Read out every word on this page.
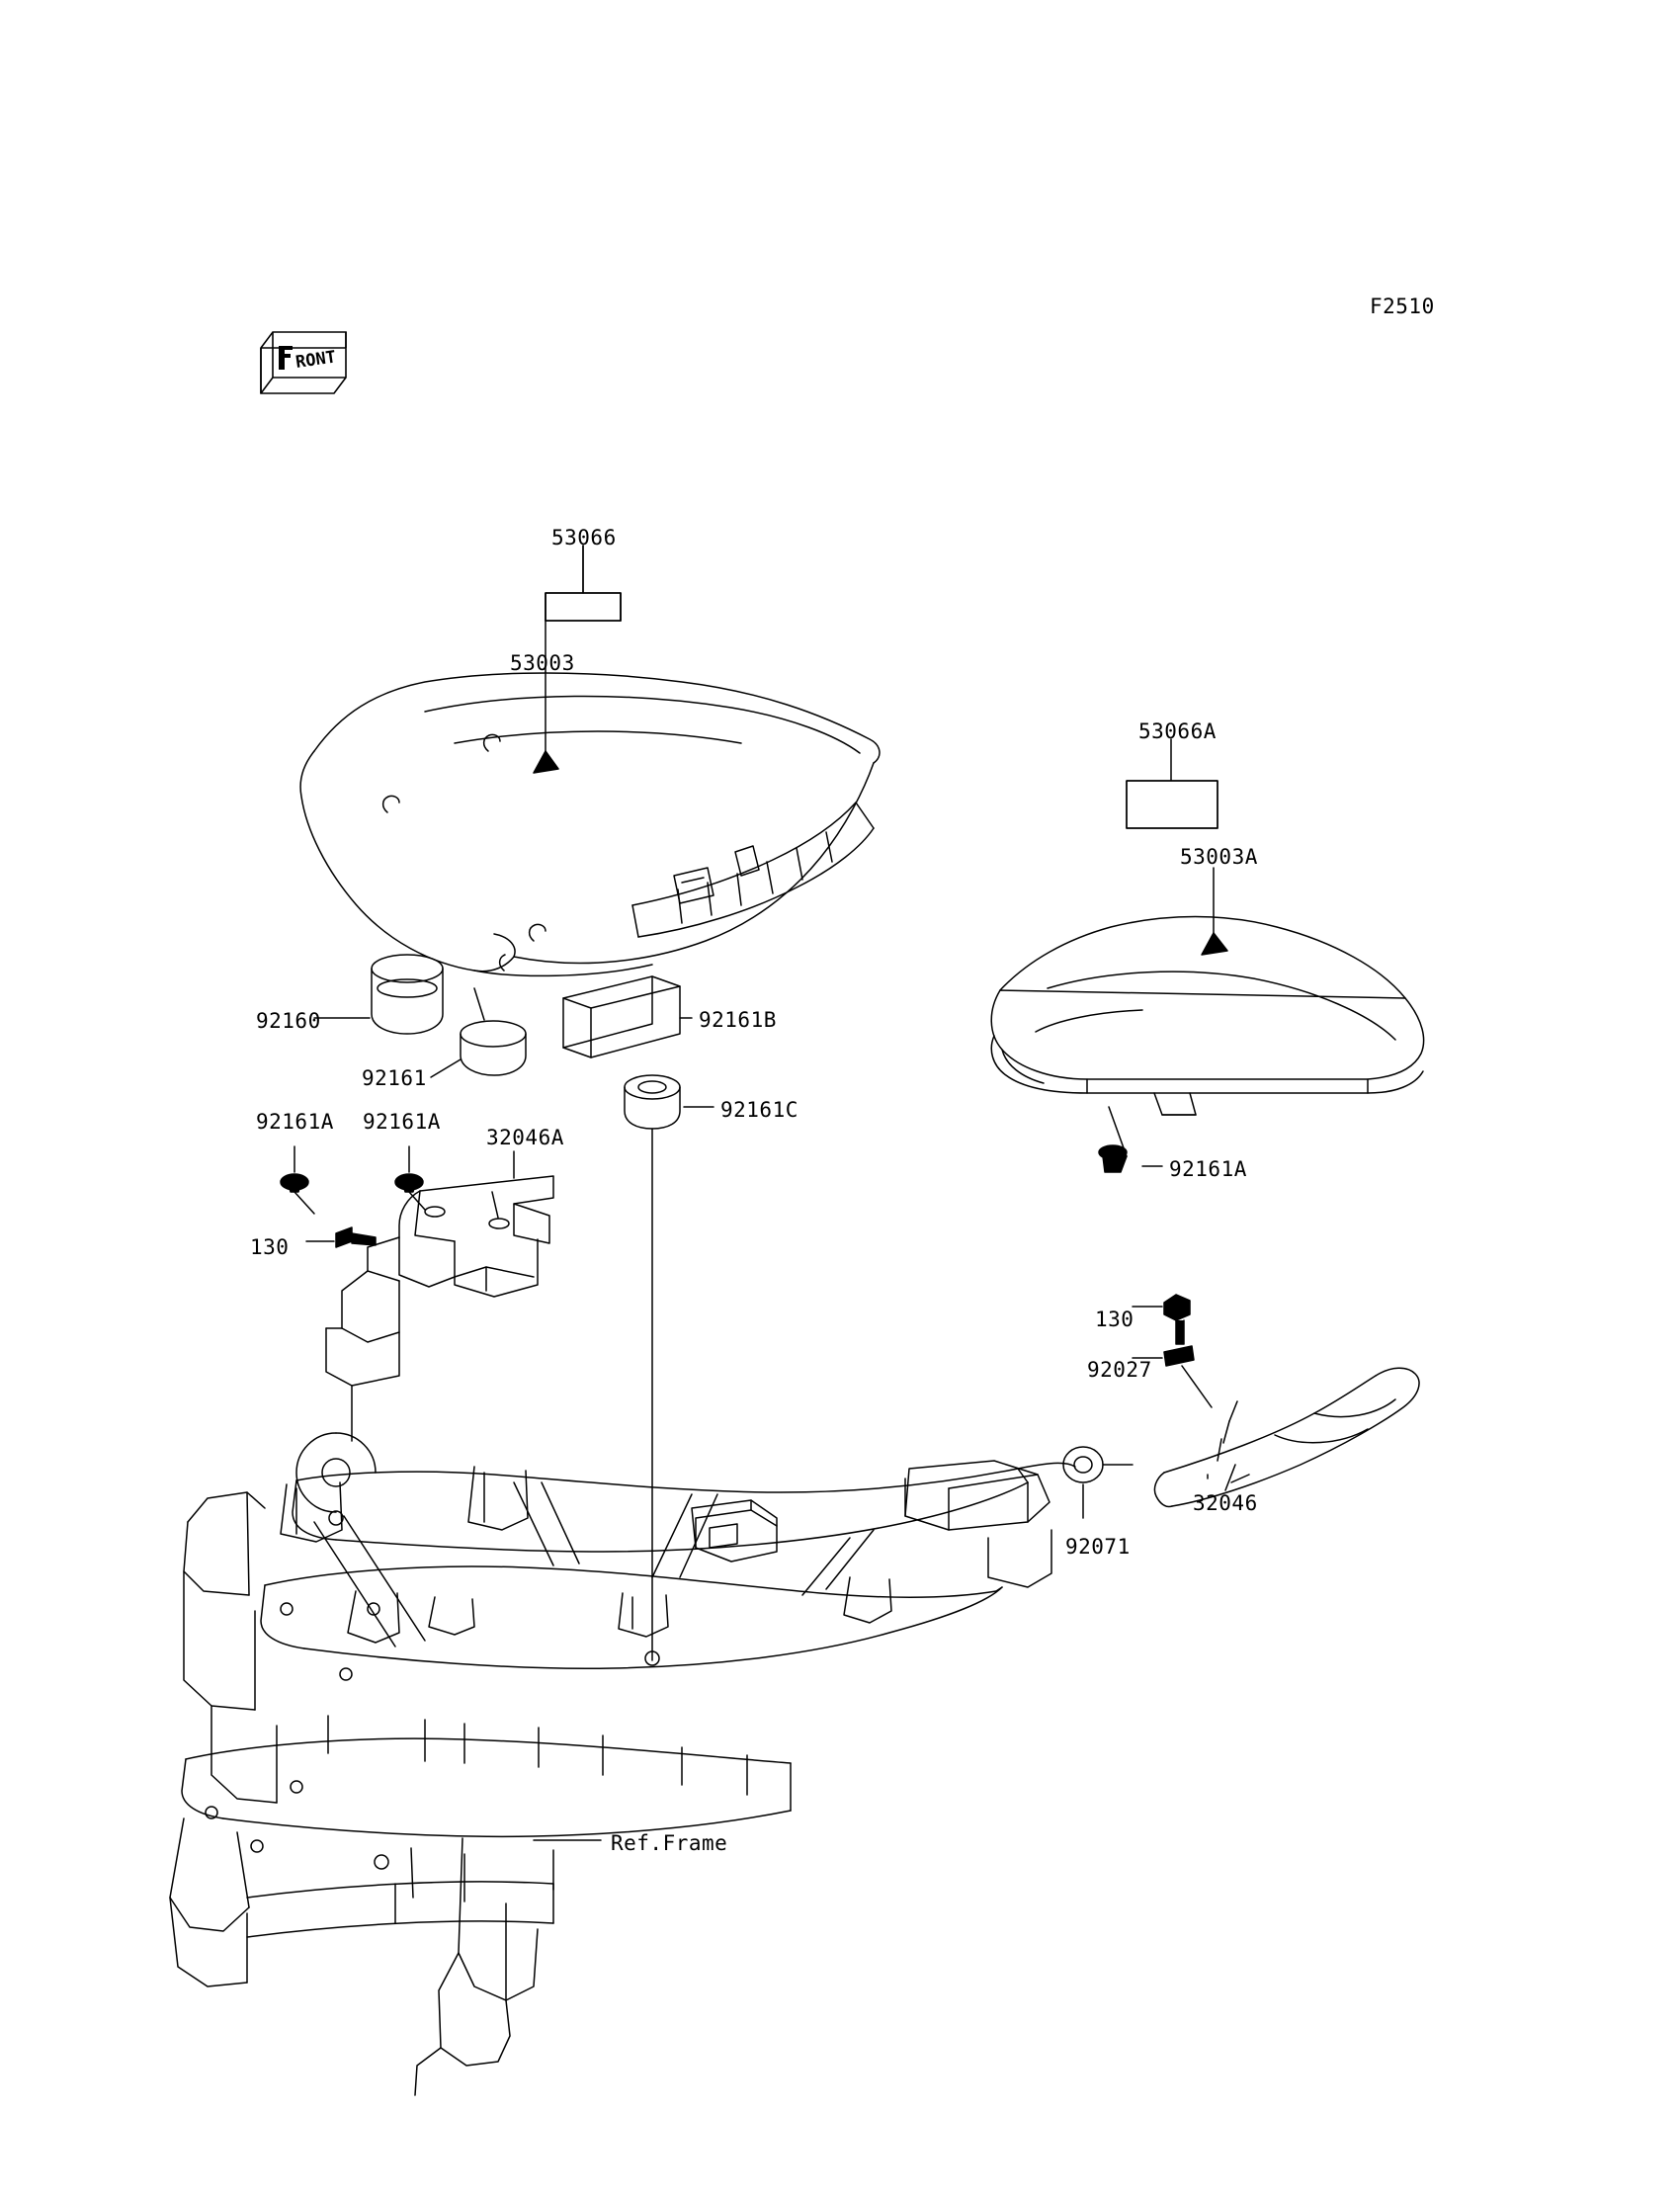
F2510
RONT
53066
53003
53066A
53003A
92160	92161B
92161
92161C
92161A 92161A
32046A
92161A
130
130
92027
32046
92071
Ref.Frame
